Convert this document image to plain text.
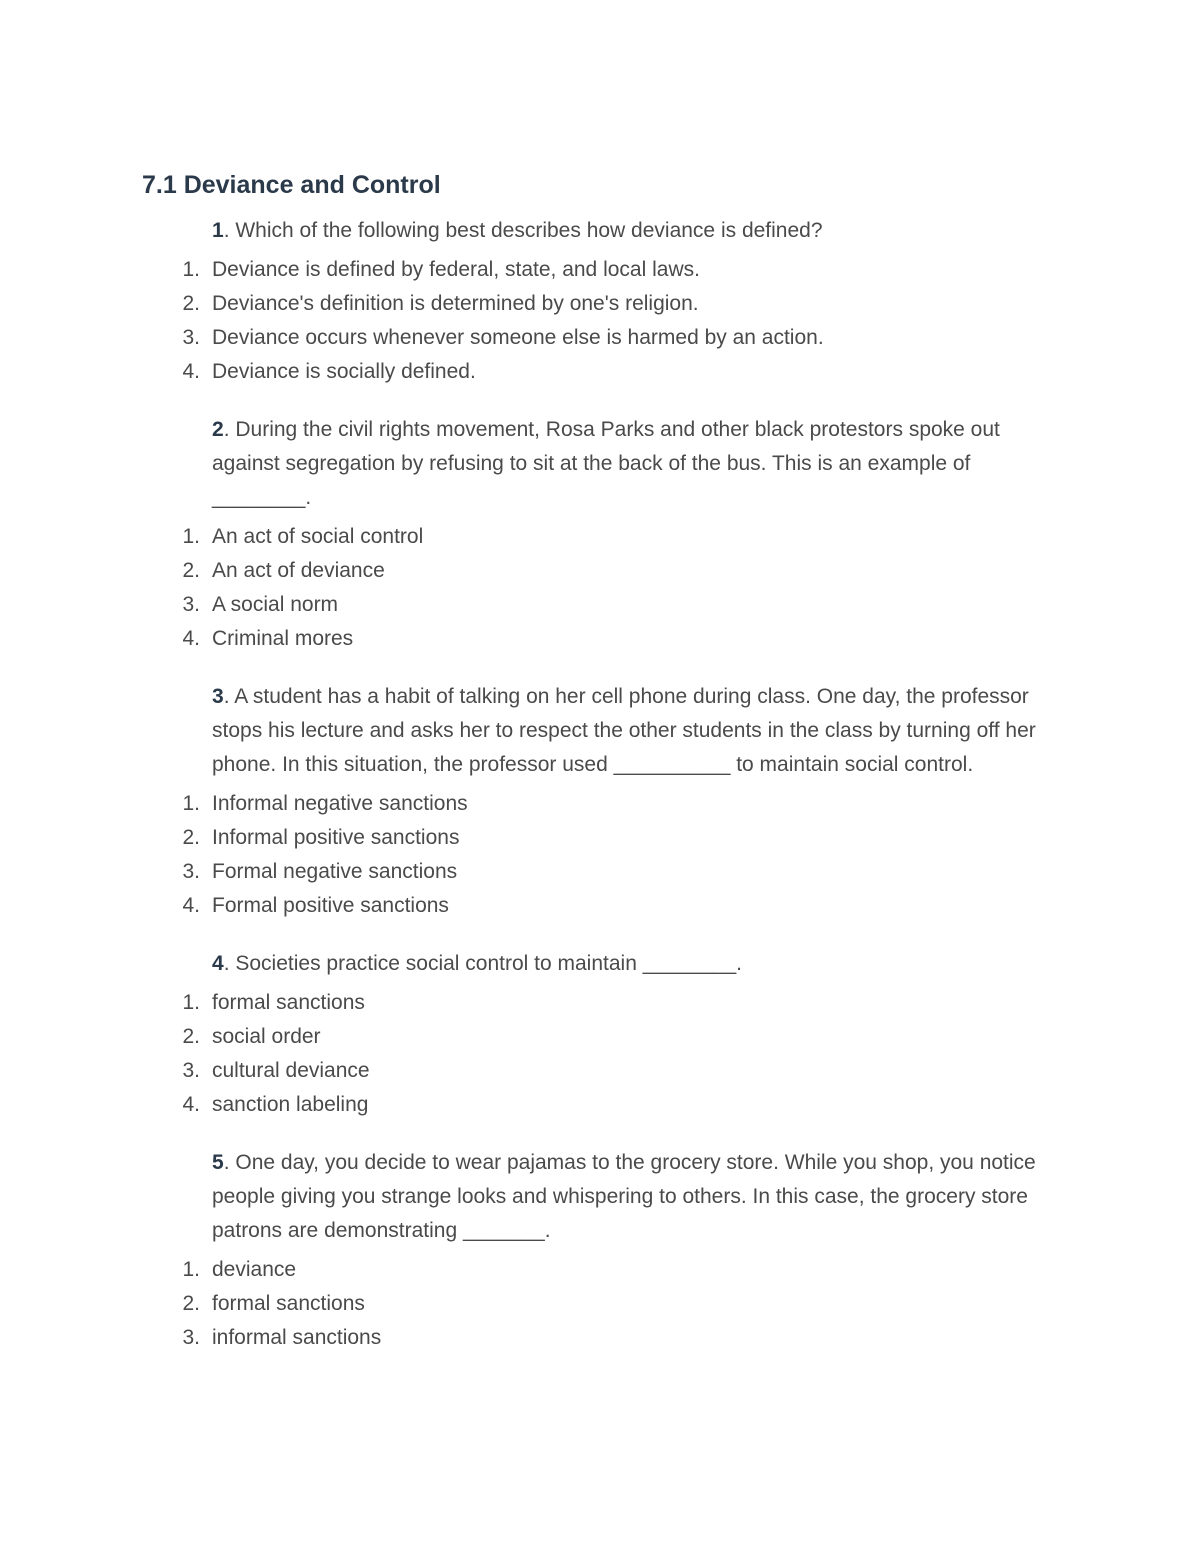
7.1 Deviance and Control

1. Which of the following best describes how deviance is defined?

1. Deviance is defined by federal, state, and local laws.
2. Deviance's definition is determined by one's religion.
3. Deviance occurs whenever someone else is harmed by an action.
4. Deviance is socially defined.

2. During the civil rights movement, Rosa Parks and other black protestors spoke out against segregation by refusing to sit at the back of the bus. This is an example of ________.

1. An act of social control
2. An act of deviance
3. A social norm
4. Criminal mores

3. A student has a habit of talking on her cell phone during class. One day, the professor stops his lecture and asks her to respect the other students in the class by turning off her phone. In this situation, the professor used __________ to maintain social control.

1. Informal negative sanctions
2. Informal positive sanctions
3. Formal negative sanctions
4. Formal positive sanctions

4. Societies practice social control to maintain ________.

1. formal sanctions
2. social order
3. cultural deviance
4. sanction labeling

5. One day, you decide to wear pajamas to the grocery store. While you shop, you notice people giving you strange looks and whispering to others. In this case, the grocery store patrons are demonstrating _______.

1. deviance
2. formal sanctions
3. informal sanctions
